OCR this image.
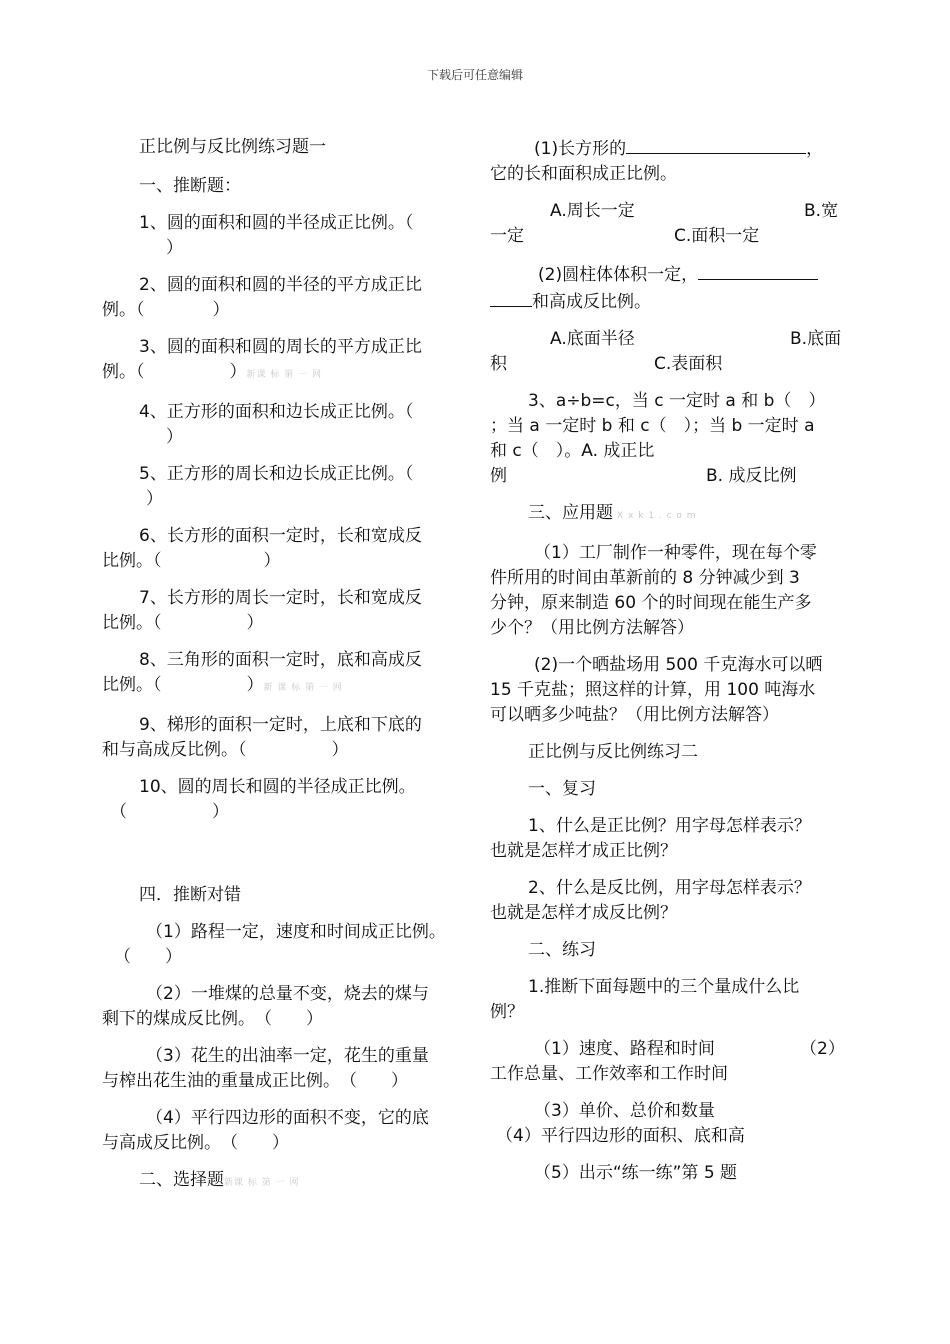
下载后可任意编辑
正比例与反比例练习题一
一、推断题：
1、圆的面积和圆的半径成正比例。（
）
2、圆的面积和圆的半径的平方成正比
例。（　　　　）
3、圆的面积和圆的周长的平方成正比
例。（　　　　　）新课 标 第 一 网
4、正方形的面积和边长成正比例。（
）
5、正方形的周长和边长成正比例。（
）
6、长方形的面积一定时，长和宽成反
比例。（　　　　　　）
7、长方形的周长一定时，长和宽成反
比例。（　　　　　）
8、三角形的面积一定时，底和高成反
比例。（　　　　　）新 课 标 第 一 网
9、梯形的面积一定时，上底和下底的
和与高成反比例。（　　　　　）
10、圆的周长和圆的半径成正比例。
（　　　　　）
四．推断对错
（1）路程一定，速度和时间成正比例。
（　　）
（2）一堆煤的总量不变，烧去的煤与
剩下的煤成反比例。　（　　）
（3）花生的出油率一定，花生的重量
与榨出花生油的重量成正比例。　（　　）
（4）平行四边形的面积不变，它的底
与高成反比例。　（　　）
二、选择题新课 标 第 一 网
(1)长方形的	，
它的长和面积成正比例。
A.周长一定	B.宽
一定	C.面积一定
(2)圆柱体体积一定，
和高成反比例。
A.底面半径	B.底面
积	C.表面积
3、a÷b=c，当 c 一定时 a 和 b（　）
；当 a 一定时 b 和 c（　）；当 b 一定时 a
和 c（　）。A. 成正比
例	B. 成反比例
三、应用题 X x k 1 . c o m
（1）工厂制作一种零件，现在每个零
件所用的时间由革新前的 8 分钟减少到 3
分钟，原来制造 60 个的时间现在能生产多
少个？（用比例方法解答）
(2)一个晒盐场用 500 千克海水可以晒
15 千克盐；照这样的计算，用 100 吨海水
可以晒多少吨盐？（用比例方法解答）
正比例与反比例练习二
一、复习
1、什么是正比例？用字母怎样表示？
也就是怎样才成正比例？
2、什么是反比例，用字母怎样表示？
也就是怎样才成反比例？
二、练习
1.推断下面每题中的三个量成什么比
例？
（1）速度、路程和时间	（2）
工作总量、工作效率和工作时间
（3）单价、总价和数量
（4）平行四边形的面积、底和高
（5）出示“练一练”第 5 题
